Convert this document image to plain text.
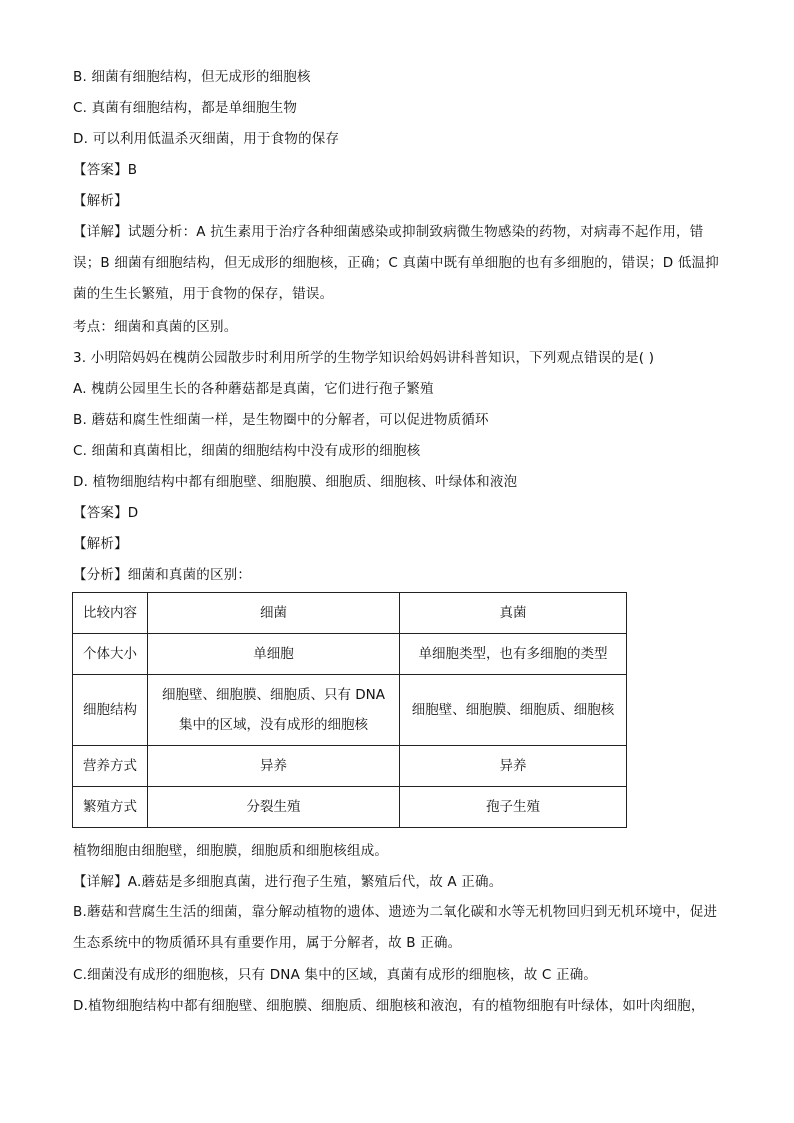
B. 细菌有细胞结构，但无成形的细胞核
C. 真菌有细胞结构，都是单细胞生物
D. 可以利用低温杀灭细菌，用于食物的保存
【答案】B
【解析】
【详解】试题分析：A 抗生素用于治疗各种细菌感染或抑制致病微生物感染的药物，对病毒不起作用，错误；B 细菌有细胞结构，但无成形的细胞核，正确；C 真菌中既有单细胞的也有多细胞的，错误；D 低温抑菌的生生长繁殖，用于食物的保存，错误。
考点：细菌和真菌的区别。
3. 小明陪妈妈在槐荫公园散步时利用所学的生物学知识给妈妈讲科普知识，下列观点错误的是( )
A. 槐荫公园里生长的各种蘑菇都是真菌，它们进行孢子繁殖
B. 蘑菇和腐生性细菌一样，是生物圈中的分解者，可以促进物质循环
C. 细菌和真菌相比，细菌的细胞结构中没有成形的细胞核
D. 植物细胞结构中都有细胞壁、细胞膜、细胞质、细胞核、叶绿体和液泡
【答案】D
【解析】
【分析】细菌和真菌的区别：
比较内容	细菌	真菌
个体大小	单细胞	单细胞类型，也有多细胞的类型
细胞结构	细胞壁、细胞膜、细胞质、只有 DNA 集中的区域，没有成形的细胞核	细胞壁、细胞膜、细胞质、细胞核
营养方式	异养	异养
繁殖方式	分裂生殖	孢子生殖
植物细胞由细胞壁，细胞膜，细胞质和细胞核组成。
【详解】A.蘑菇是多细胞真菌，进行孢子生殖，繁殖后代，故 A 正确。
B.蘑菇和营腐生生活的细菌，靠分解动植物的遗体、遗迹为二氧化碳和水等无机物回归到无机环境中，促进生态系统中的物质循环具有重要作用，属于分解者，故 B 正确。
C.细菌没有成形的细胞核，只有 DNA 集中的区域，真菌有成形的细胞核，故 C 正确。
D.植物细胞结构中都有细胞壁、细胞膜、细胞质、细胞核和液泡，有的植物细胞有叶绿体，如叶肉细胞，
